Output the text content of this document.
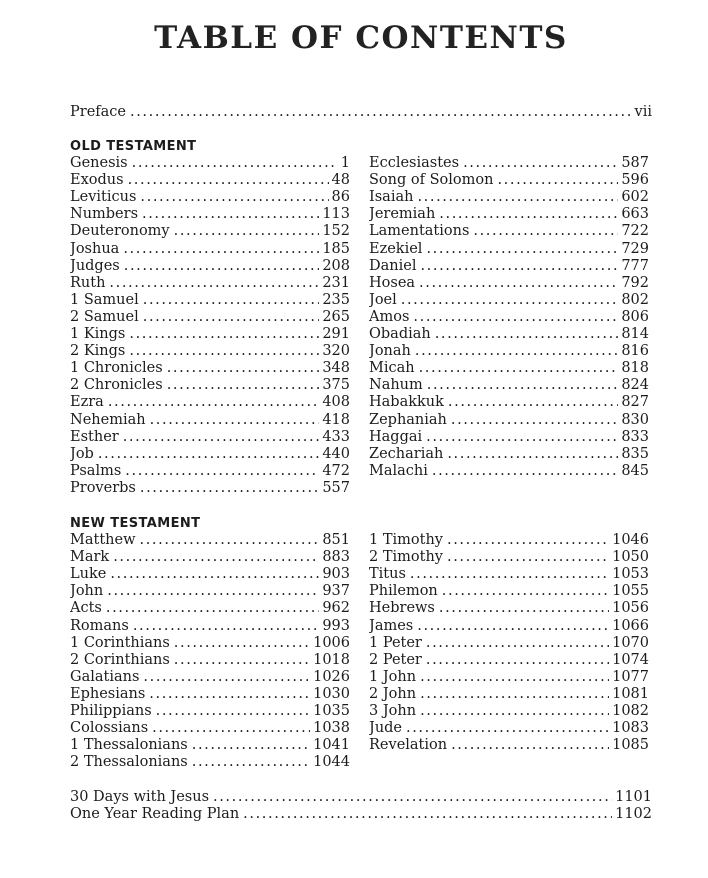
TABLE OF CONTENTS
Preface .....	vii
OLD TESTAMENT
Genesis .....	1
Exodus .....	48
Leviticus .....	86
Numbers .....	113
Deuteronomy .....	152
Joshua .....	185
Judges .....	208
Ruth .....	231
1 Samuel .....	235
2 Samuel .....	265
1 Kings .....	291
2 Kings .....	320
1 Chronicles .....	348
2 Chronicles .....	375
Ezra .....	408
Nehemiah .....	418
Esther .....	433
Job .....	440
Psalms .....	472
Proverbs .....	557
Ecclesiastes .....	587
Song of Solomon .....	596
Isaiah .....	602
Jeremiah .....	663
Lamentations .....	722
Ezekiel .....	729
Daniel .....	777
Hosea .....	792
Joel .....	802
Amos .....	806
Obadiah .....	814
Jonah .....	816
Micah .....	818
Nahum .....	824
Habakkuk .....	827
Zephaniah .....	830
Haggai .....	833
Zechariah .....	835
Malachi .....	845
NEW TESTAMENT
Matthew .....	851
Mark .....	883
Luke .....	903
John .....	937
Acts .....	962
Romans .....	993
1 Corinthians .....	1006
2 Corinthians .....	1018
Galatians .....	1026
Ephesians .....	1030
Philippians .....	1035
Colossians .....	1038
1 Thessalonians .....	1041
2 Thessalonians .....	1044
1 Timothy .....	1046
2 Timothy .....	1050
Titus .....	1053
Philemon .....	1055
Hebrews .....	1056
James .....	1066
1 Peter .....	1070
2 Peter .....	1074
1 John .....	1077
2 John .....	1081
3 John .....	1082
Jude .....	1083
Revelation .....	1085
30 Days with Jesus .....	1101
One Year Reading Plan .....	1102
